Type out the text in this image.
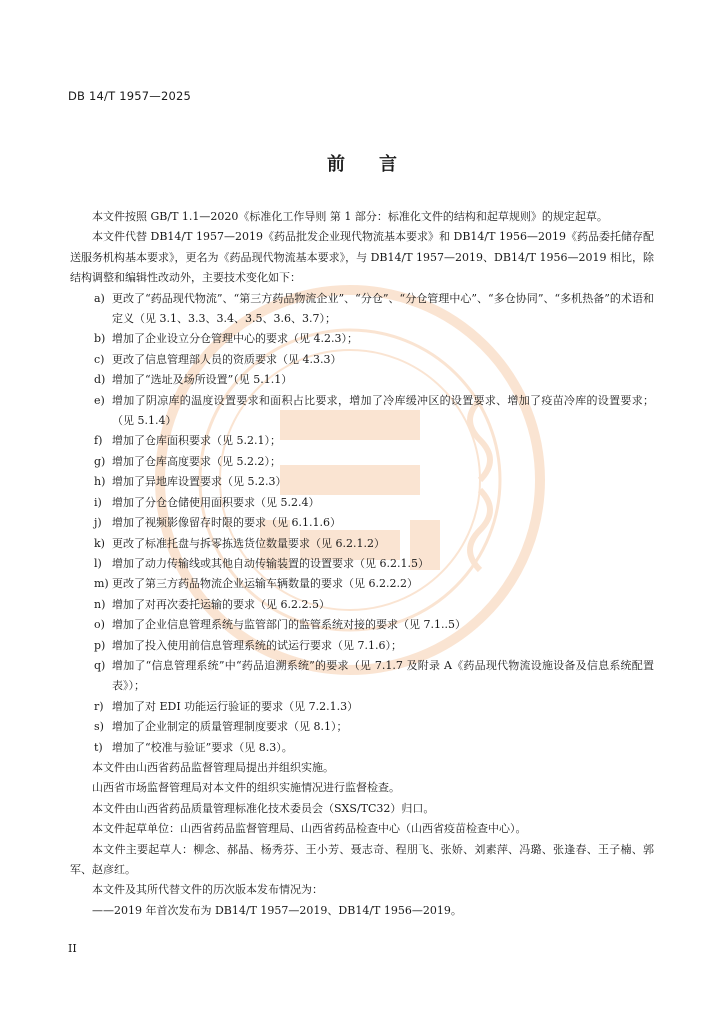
DB 14/T 1957—2025
前言

本文件按照 GB/T 1.1—2020《标准化工作导则 第 1 部分：标准化文件的结构和起草规则》的规定起草。

本文件代替 DB14/T 1957—2019《药品批发企业现代物流基本要求》和 DB14/T 1956—2019《药品委托储存配送服务机构基本要求》，更名为《药品现代物流基本要求》，与 DB14/T 1957—2019、DB14/T 1956—2019 相比，除结构调整和编辑性改动外，主要技术变化如下：

a) 更改了“药品现代物流”、“第三方药品物流企业”、“分仓”、“分仓管理中心”、“多仓协同”、“多机热备”的术语和定义（见 3.1、3.3、3.4、3.5、3.6、3.7）；
b) 增加了企业设立分仓管理中心的要求（见 4.2.3）；
c) 更改了信息管理部人员的资质要求（见 4.3.3）
d) 增加了“选址及场所设置”（见 5.1.1）
e) 增加了阴凉库的温度设置要求和面积占比要求，增加了冷库缓冲区的设置要求、增加了疫苗冷库的设置要求；（见 5.1.4）
f) 增加了仓库面积要求（见 5.2.1）；
g) 增加了仓库高度要求（见 5.2.2）；
h) 增加了异地库设置要求（见 5.2.3）
i) 增加了分仓仓储使用面积要求（见 5.2.4）
j) 增加了视频影像留存时限的要求（见 6.1.1.6）
k) 更改了标准托盘与拆零拣选货位数量要求（见 6.2.1.2）
l) 增加了动力传输线或其他自动传输装置的设置要求（见 6.2.1.5）
m) 更改了第三方药品物流企业运输车辆数量的要求（见 6.2.2.2）
n) 增加了对再次委托运输的要求（见 6.2.2.5）
o) 增加了企业信息管理系统与监管部门的监管系统对接的要求（见 7.1..5）
p) 增加了投入使用前信息管理系统的试运行要求（见 7.1.6）；
q) 增加了“信息管理系统”中“药品追溯系统”的要求（见 7.1.7 及附录 A《药品现代物流设施设备及信息系统配置表》）；
r) 增加了对 EDI 功能运行验证的要求（见 7.2.1.3）
s) 增加了企业制定的质量管理制度要求（见 8.1）；
t) 增加了“校准与验证”要求（见 8.3）。

本文件由山西省药品监督管理局提出并组织实施。

山西省市场监督管理局对本文件的组织实施情况进行监督检查。

本文件由山西省药品质量管理标准化技术委员会（SXS/TC32）归口。

本文件起草单位：山西省药品监督管理局、山西省药品检查中心（山西省疫苗检查中心）。

本文件主要起草人：柳念、郝晶、杨秀芬、王小芳、聂志奇、程朋飞、张娇、刘素萍、冯璐、张逢春、王子楠、郭军、赵彦红。

本文件及其所代替文件的历次版本发布情况为：

——2019 年首次发布为 DB14/T 1957—2019、DB14/T 1956—2019。

II
